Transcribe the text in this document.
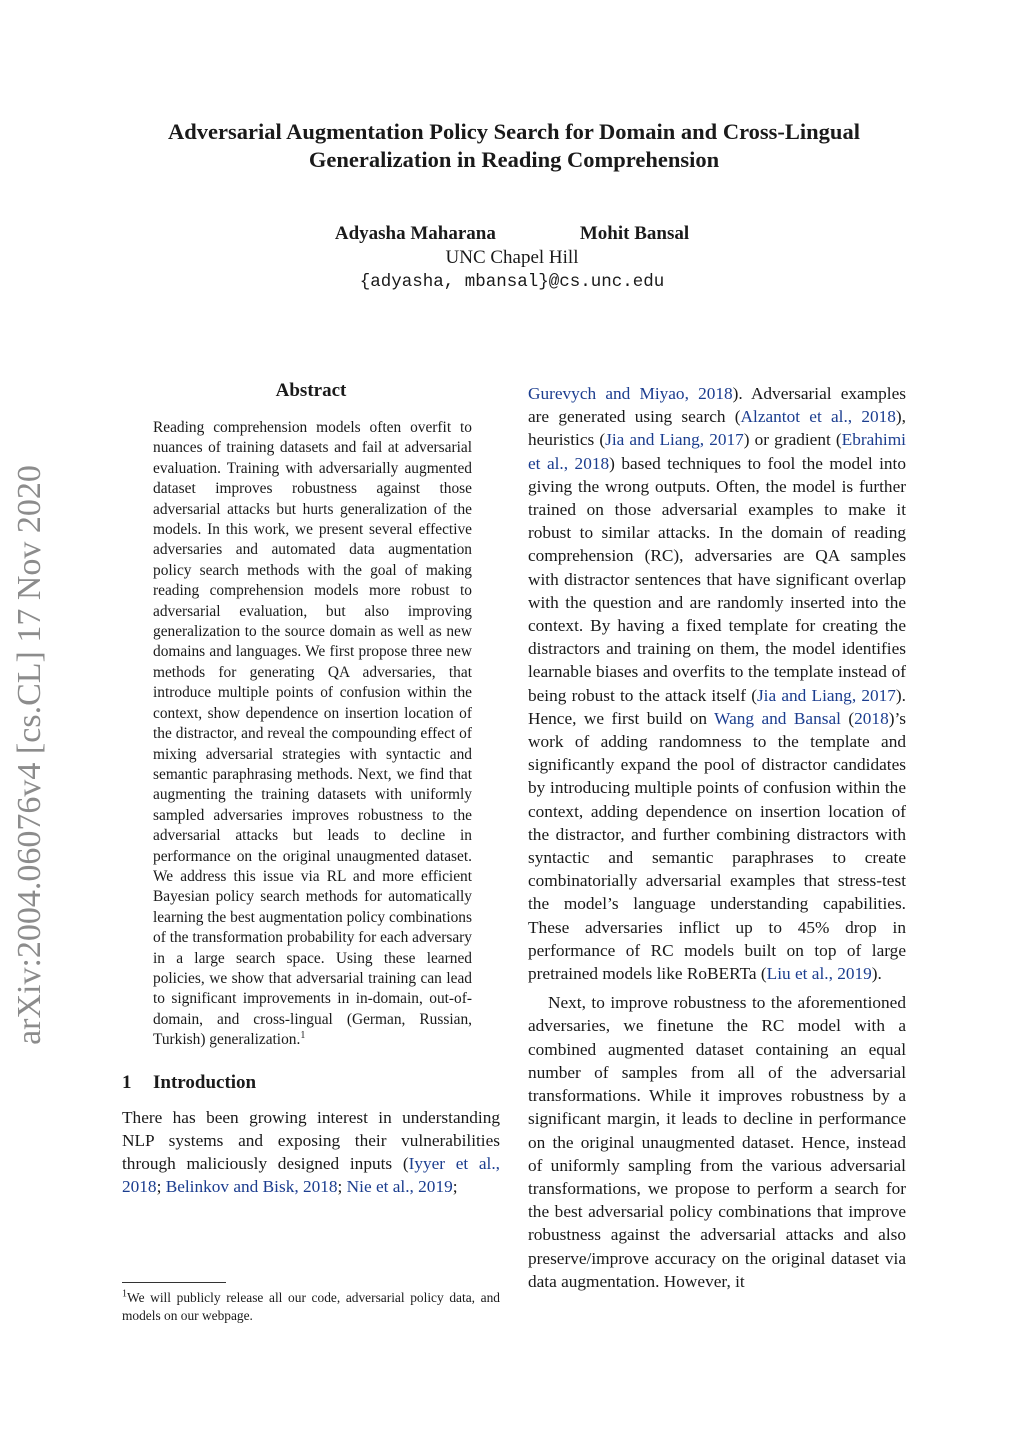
Adversarial Augmentation Policy Search for Domain and Cross-Lingual
Generalization in Reading Comprehension
Adyasha Maharana	Mohit Bansal
UNC Chapel Hill
{adyasha, mbansal}@cs.unc.edu
arXiv:2004.06076v4 [cs.CL] 17 Nov 2020
Abstract
Reading comprehension models often overfit to nuances of training datasets and fail at adversarial evaluation. Training with adversarially augmented dataset improves robustness against those adversarial attacks but hurts generalization of the models. In this work, we present several effective adversaries and automated data augmentation policy search methods with the goal of making reading comprehension models more robust to adversarial evaluation, but also improving generalization to the source domain as well as new domains and languages. We first propose three new methods for generating QA adversaries, that introduce multiple points of confusion within the context, show dependence on insertion location of the distractor, and reveal the compounding effect of mixing adversarial strategies with syntactic and semantic paraphrasing methods. Next, we find that augmenting the training datasets with uniformly sampled adversaries improves robustness to the adversarial attacks but leads to decline in performance on the original unaugmented dataset. We address this issue via RL and more efficient Bayesian policy search methods for automatically learning the best augmentation policy combinations of the transformation probability for each adversary in a large search space. Using these learned policies, we show that adversarial training can lead to significant improvements in in-domain, out-of-domain, and cross-lingual (German, Russian, Turkish) generalization.$^1$
1 Introduction

There has been growing interest in understanding NLP systems and exposing their vulnerabilities through maliciously designed inputs (Iyyer et al., 2018; Belinkov and Bisk, 2018; Nie et al., 2019;

$^1$We will publicly release all our code, adversarial policy data, and models on our webpage.

Gurevych and Miyao, 2018). Adversarial examples are generated using search (Alzantot et al., 2018), heuristics (Jia and Liang, 2017) or gradient (Ebrahimi et al., 2018) based techniques to fool the model into giving the wrong outputs. Often, the model is further trained on those adversarial examples to make it robust to similar attacks. In the domain of reading comprehension (RC), adversaries are QA samples with distractor sentences that have significant overlap with the question and are randomly inserted into the context. By having a fixed template for creating the distractors and training on them, the model identifies learnable biases and overfits to the template instead of being robust to the attack itself (Jia and Liang, 2017). Hence, we first build on Wang and Bansal (2018)’s work of adding randomness to the template and significantly expand the pool of distractor candidates by introducing multiple points of confusion within the context, adding dependence on insertion location of the distractor, and further combining distractors with syntactic and semantic paraphrases to create combinatorially adversarial examples that stress-test the model’s language understanding capabilities. These adversaries inflict up to 45% drop in performance of RC models built on top of large pretrained models like RoBERTa (Liu et al., 2019).

Next, to improve robustness to the aforementioned adversaries, we finetune the RC model with a combined augmented dataset containing an equal number of samples from all of the adversarial transformations. While it improves robustness by a significant margin, it leads to decline in performance on the original unaugmented dataset. Hence, instead of uniformly sampling from the various adversarial transformations, we propose to perform a search for the best adversarial policy combinations that improve robustness against the adversarial attacks and also preserve/improve accuracy on the original dataset via data augmentation. However, it
